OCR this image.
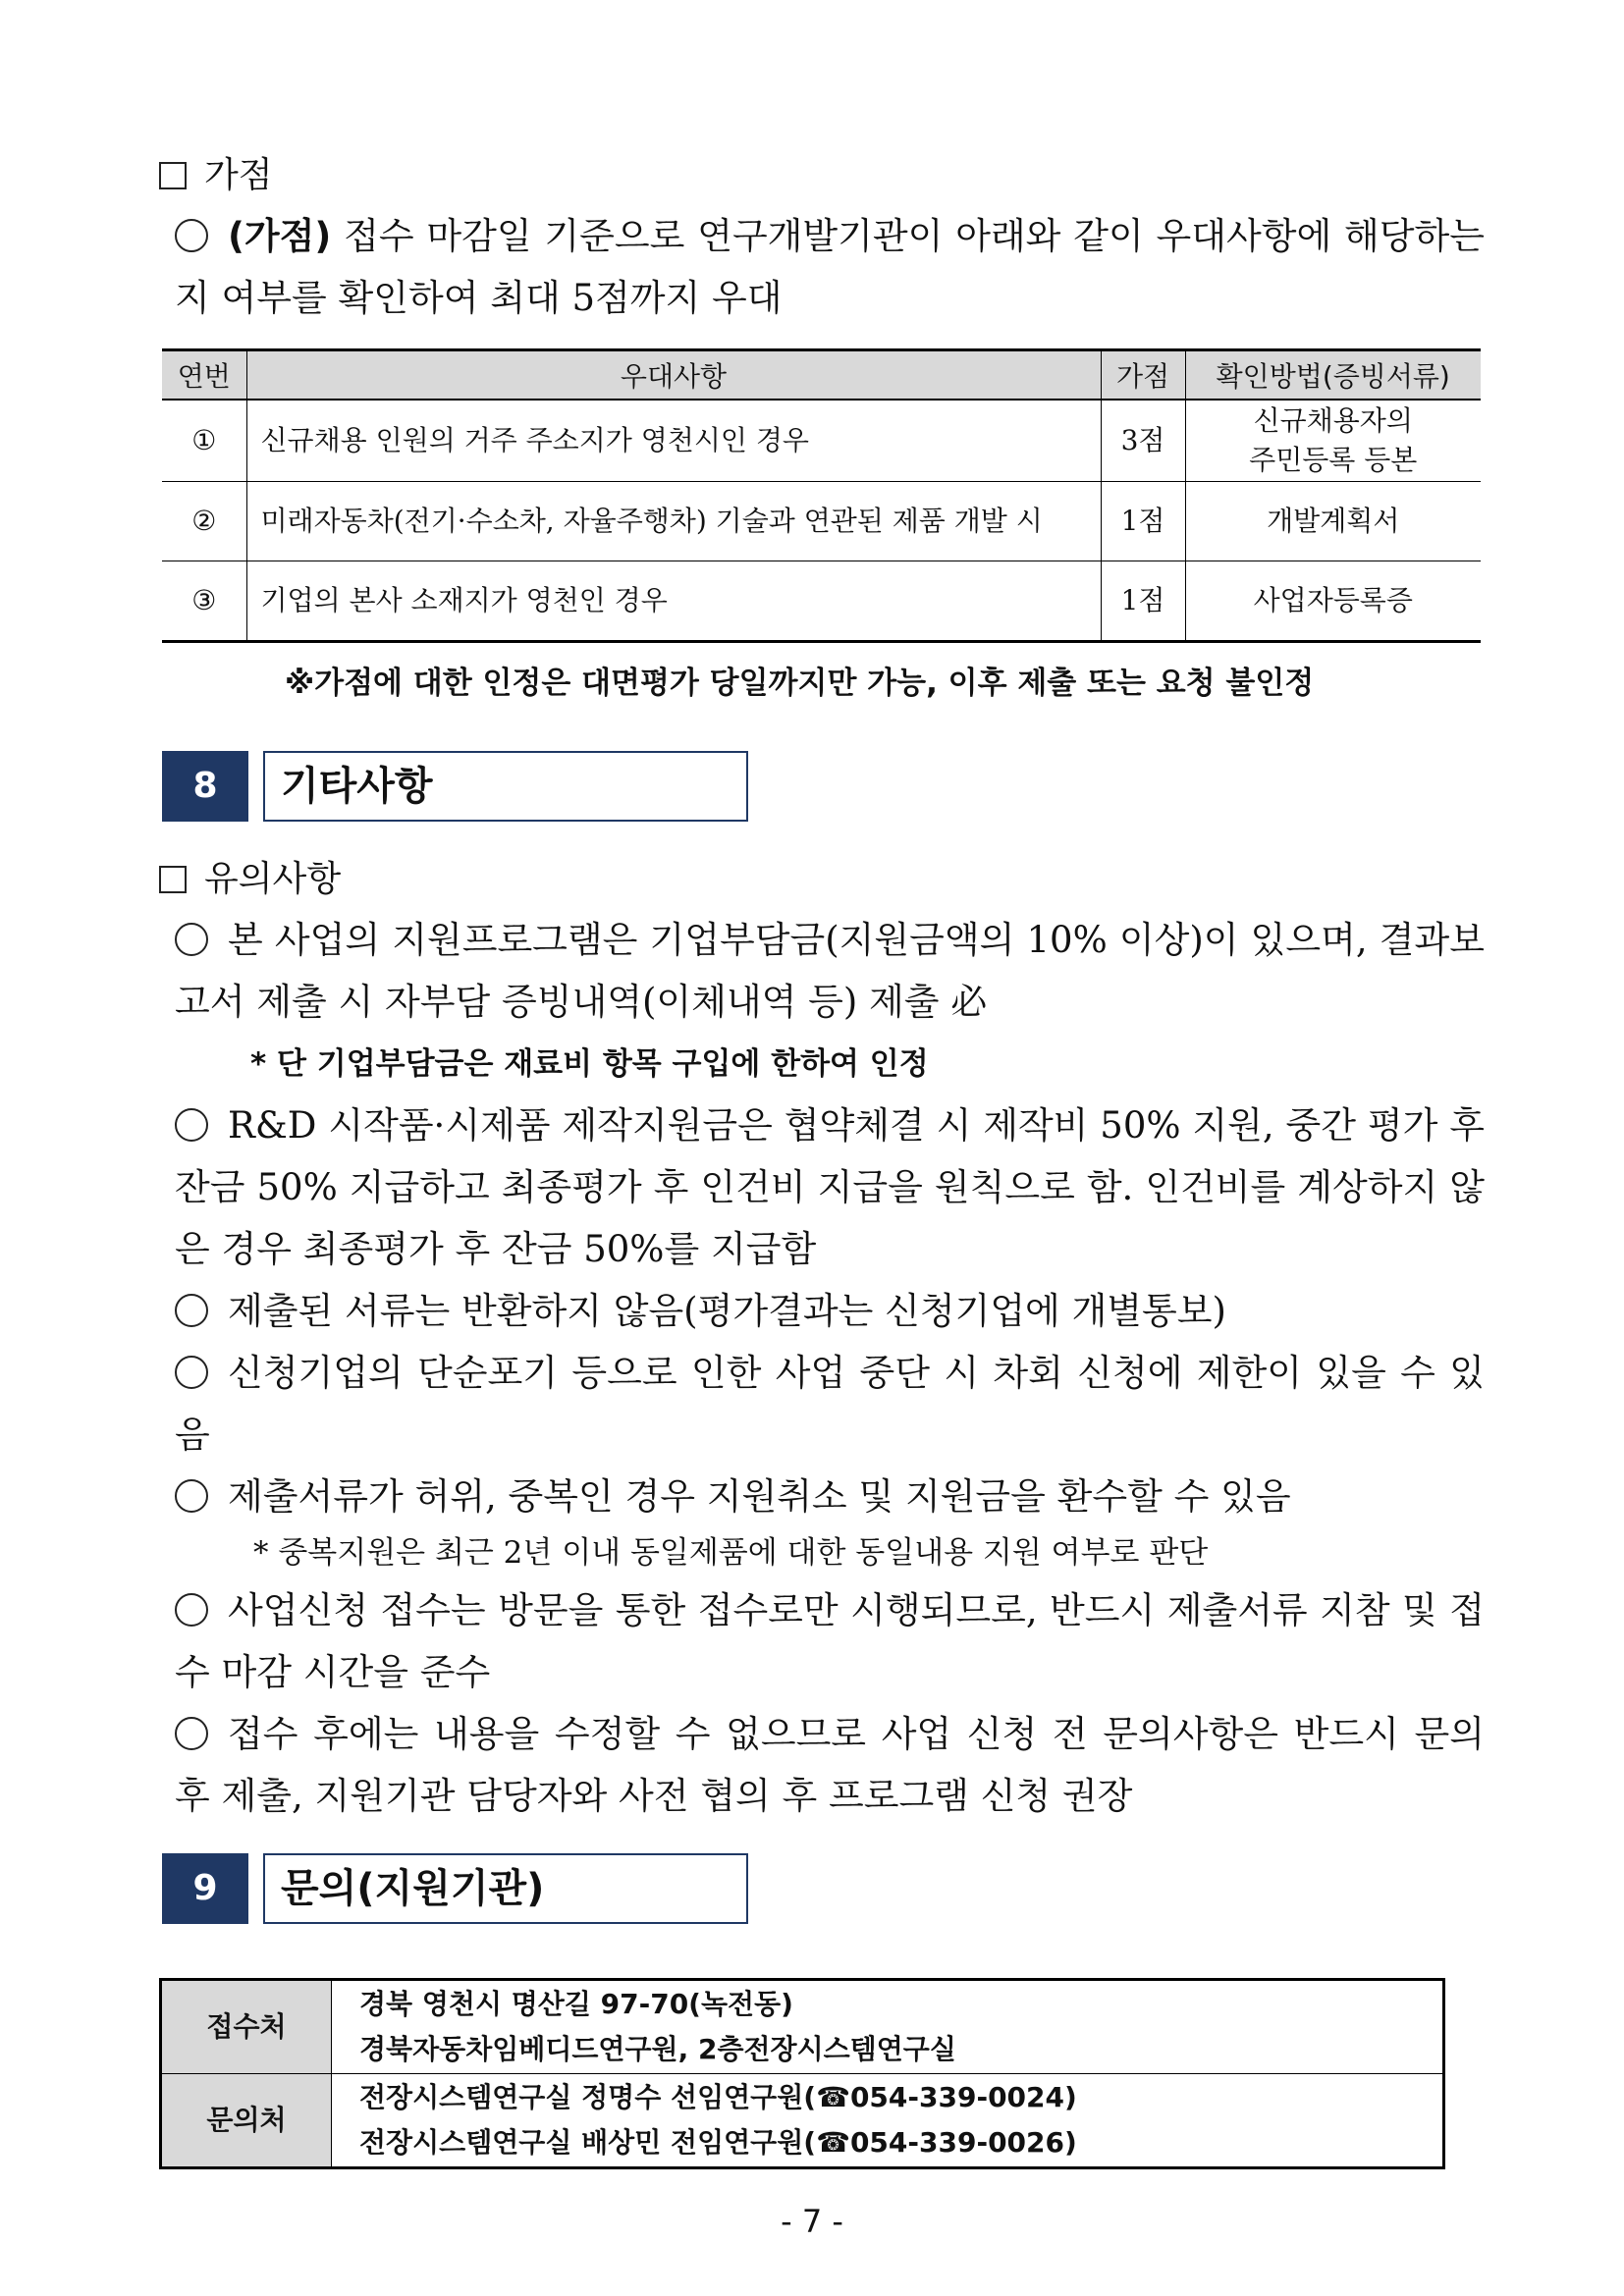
가점
(가점) 접수 마감일 기준으로 연구개발기관이 아래와 같이 우대사항에 해당하는지 여부를 확인하여 최대 5점까지 우대
연번	우대사항	가점	확인방법(증빙서류)
①	신규채용 인원의 거주 주소지가 영천시인 경우	3점	신규채용자의
주민등록 등본
②	미래자동차(전기·수소차, 자율주행차) 기술과 연관된 제품 개발 시	1점	개발계획서
③	기업의 본사 소재지가 영천인 경우	1점	사업자등록증
※가점에 대한 인정은 대면평가 당일까지만 가능, 이후 제출 또는 요청 불인정
8	기타사항
유의사항
본 사업의 지원프로그램은 기업부담금(지원금액의 10% 이상)이 있으며, 결과보고서 제출 시 자부담 증빙내역(이체내역 등) 제출 必
* 단 기업부담금은 재료비 항목 구입에 한하여 인정
R&D 시작품·시제품 제작지원금은 협약체결 시 제작비 50% 지원, 중간 평가 후 잔금 50% 지급하고 최종평가 후 인건비 지급을 원칙으로 함. 인건비를 계상하지 않은 경우 최종평가 후 잔금 50%를 지급함
제출된 서류는 반환하지 않음(평가결과는 신청기업에 개별통보)
신청기업의 단순포기 등으로 인한 사업 중단 시 차회 신청에 제한이 있을 수 있음
제출서류가 허위, 중복인 경우 지원취소 및 지원금을 환수할 수 있음
* 중복지원은 최근 2년 이내 동일제품에 대한 동일내용 지원 여부로 판단
사업신청 접수는 방문을 통한 접수로만 시행되므로, 반드시 제출서류 지참 및 접수 마감 시간을 준수
접수 후에는 내용을 수정할 수 없으므로 사업 신청 전 문의사항은 반드시 문의 후 제출, 지원기관 담당자와 사전 협의 후 프로그램 신청 권장
9	문의(지원기관)
접수처	경북 영천시 명산길 97-70(녹전동)
경북자동차임베디드연구원, 2층전장시스템연구실
문의처	전장시스템연구실 정명수 선임연구원(☎054-339-0024)
전장시스템연구실 배상민 전임연구원(☎054-339-0026)
- 7 -
